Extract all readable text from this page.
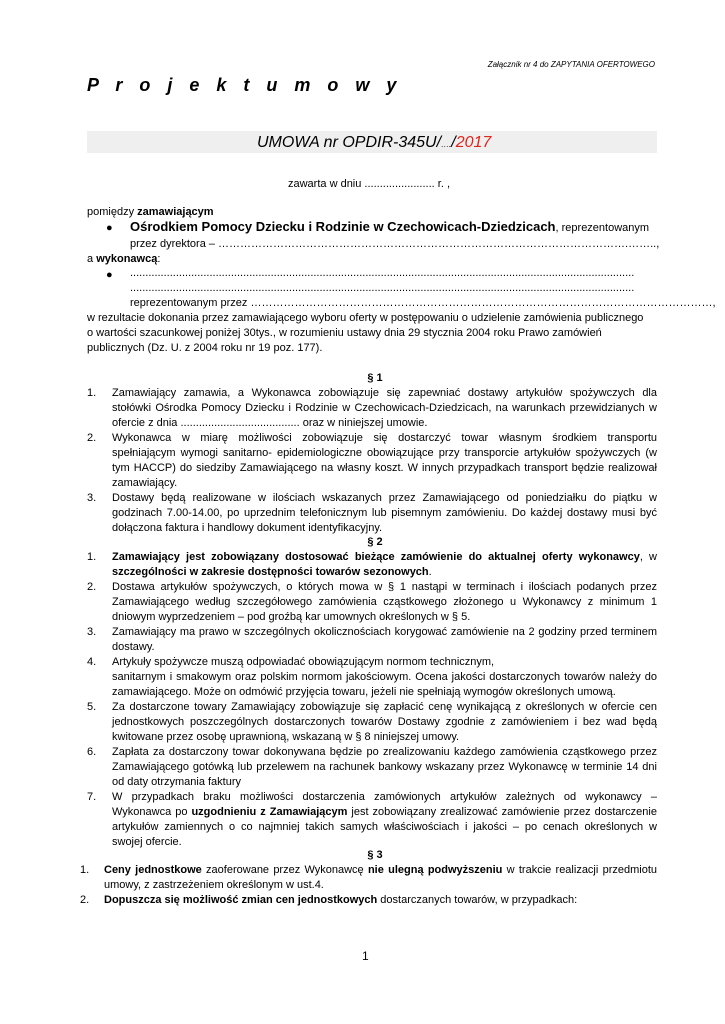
Załącznik nr 4 do ZAPYTANIA OFERTOWEGO
P r o j e k t u m o w y
UMOWA nr OPDIR-345U/…./2017
zawarta w dniu ....................... r. ,
pomiędzy zamawiającym
● Ośrodkiem Pomocy Dziecku i Rodzinie w Czechowicach-Dziedzicach, reprezentowanym
przez dyrektora – ………………………………………………………………………………………………….……..,
a wykonawcą:
● .....................................................................................................................................................................
.....................................................................................................................................................................
reprezentowanym przez ………………………………………………………………………………………………………………,
w rezultacie dokonania przez zamawiającego wyboru oferty w postępowaniu o udzielenie zamówienia publicznego
o wartości szacunkowej poniżej 30tys., w rozumieniu ustawy dnia 29 stycznia 2004 roku Prawo zamówień
publicznych (Dz. U. z 2004 roku nr 19 poz. 177).
§ 1
1.	Zamawiający zamawia, a Wykonawca zobowiązuje się zapewniać dostawy artykułów spożywczych dla
stołówki Ośrodka Pomocy Dziecku i Rodzinie w Czechowicach-Dziedzicach, na warunkach przewidzianych w
ofercie z dnia ....................................... oraz w niniejszej umowie.
2.	Wykonawca w miarę możliwości zobowiązuje się dostarczyć towar własnym środkiem transportu
spełniającym wymogi sanitarno- epidemiologiczne obowiązujące przy transporcie artykułów spożywczych (w
tym HACCP) do siedziby Zamawiającego na własny koszt. W innych przypadkach transport będzie realizował
zamawiający.
3.	Dostawy będą realizowane w ilościach wskazanych przez Zamawiającego od poniedziałku do piątku w
godzinach 7.00-14.00, po uprzednim telefonicznym lub pisemnym zamówieniu. Do każdej dostawy musi być
dołączona faktura i handlowy dokument identyfikacyjny.
§ 2
1.	Zamawiający jest zobowiązany dostosować bieżące zamówienie do aktualnej oferty wykonawcy, w
szczególności w zakresie dostępności towarów sezonowych.
2.	Dostawa artykułów spożywczych, o których mowa w § 1 nastąpi w terminach i ilościach podanych przez
Zamawiającego według szczegółowego zamówienia cząstkowego złożonego u Wykonawcy z minimum 1
dniowym wyprzedzeniem – pod groźbą kar umownych określonych w § 5.
3.	Zamawiający ma prawo w szczególnych okolicznościach korygować zamówienie na 2 godziny przed terminem
dostawy.
4.	Artykuły spożywcze muszą odpowiadać obowiązującym normom technicznym,
sanitarnym i smakowym oraz polskim normom jakościowym. Ocena jakości dostarczonych towarów należy do
zamawiającego. Może on odmówić przyjęcia towaru, jeżeli nie spełniają wymogów określonych umową.
5.	Za dostarczone towary Zamawiający zobowiązuje się zapłacić cenę wynikającą z określonych w ofercie cen
jednostkowych poszczególnych dostarczonych towarów Dostawy zgodnie z zamówieniem i bez wad będą
kwitowane przez osobę uprawnioną, wskazaną w § 8 niniejszej umowy.
6.	Zapłata za dostarczony towar dokonywana będzie po zrealizowaniu każdego zamówienia cząstkowego przez
Zamawiającego gotówką lub przelewem na rachunek bankowy wskazany przez Wykonawcę w terminie 14 dni
od daty otrzymania faktury
7.	W przypadkach braku możliwości dostarczenia zamówionych artykułów zależnych od wykonawcy –
Wykonawca po uzgodnieniu z Zamawiającym jest zobowiązany zrealizować zamówienie przez dostarczenie
artykułów zamiennych o co najmniej takich samych właściwościach i jakości – po cenach określonych w
swojej ofercie.
§ 3
1.	Ceny jednostkowe zaoferowane przez Wykonawcę nie ulegną podwyższeniu w trakcie realizacji przedmiotu
umowy, z zastrzeżeniem określonym w ust.4.
2.	Dopuszcza się możliwość zmian cen jednostkowych dostarczanych towarów, w przypadkach:
1
